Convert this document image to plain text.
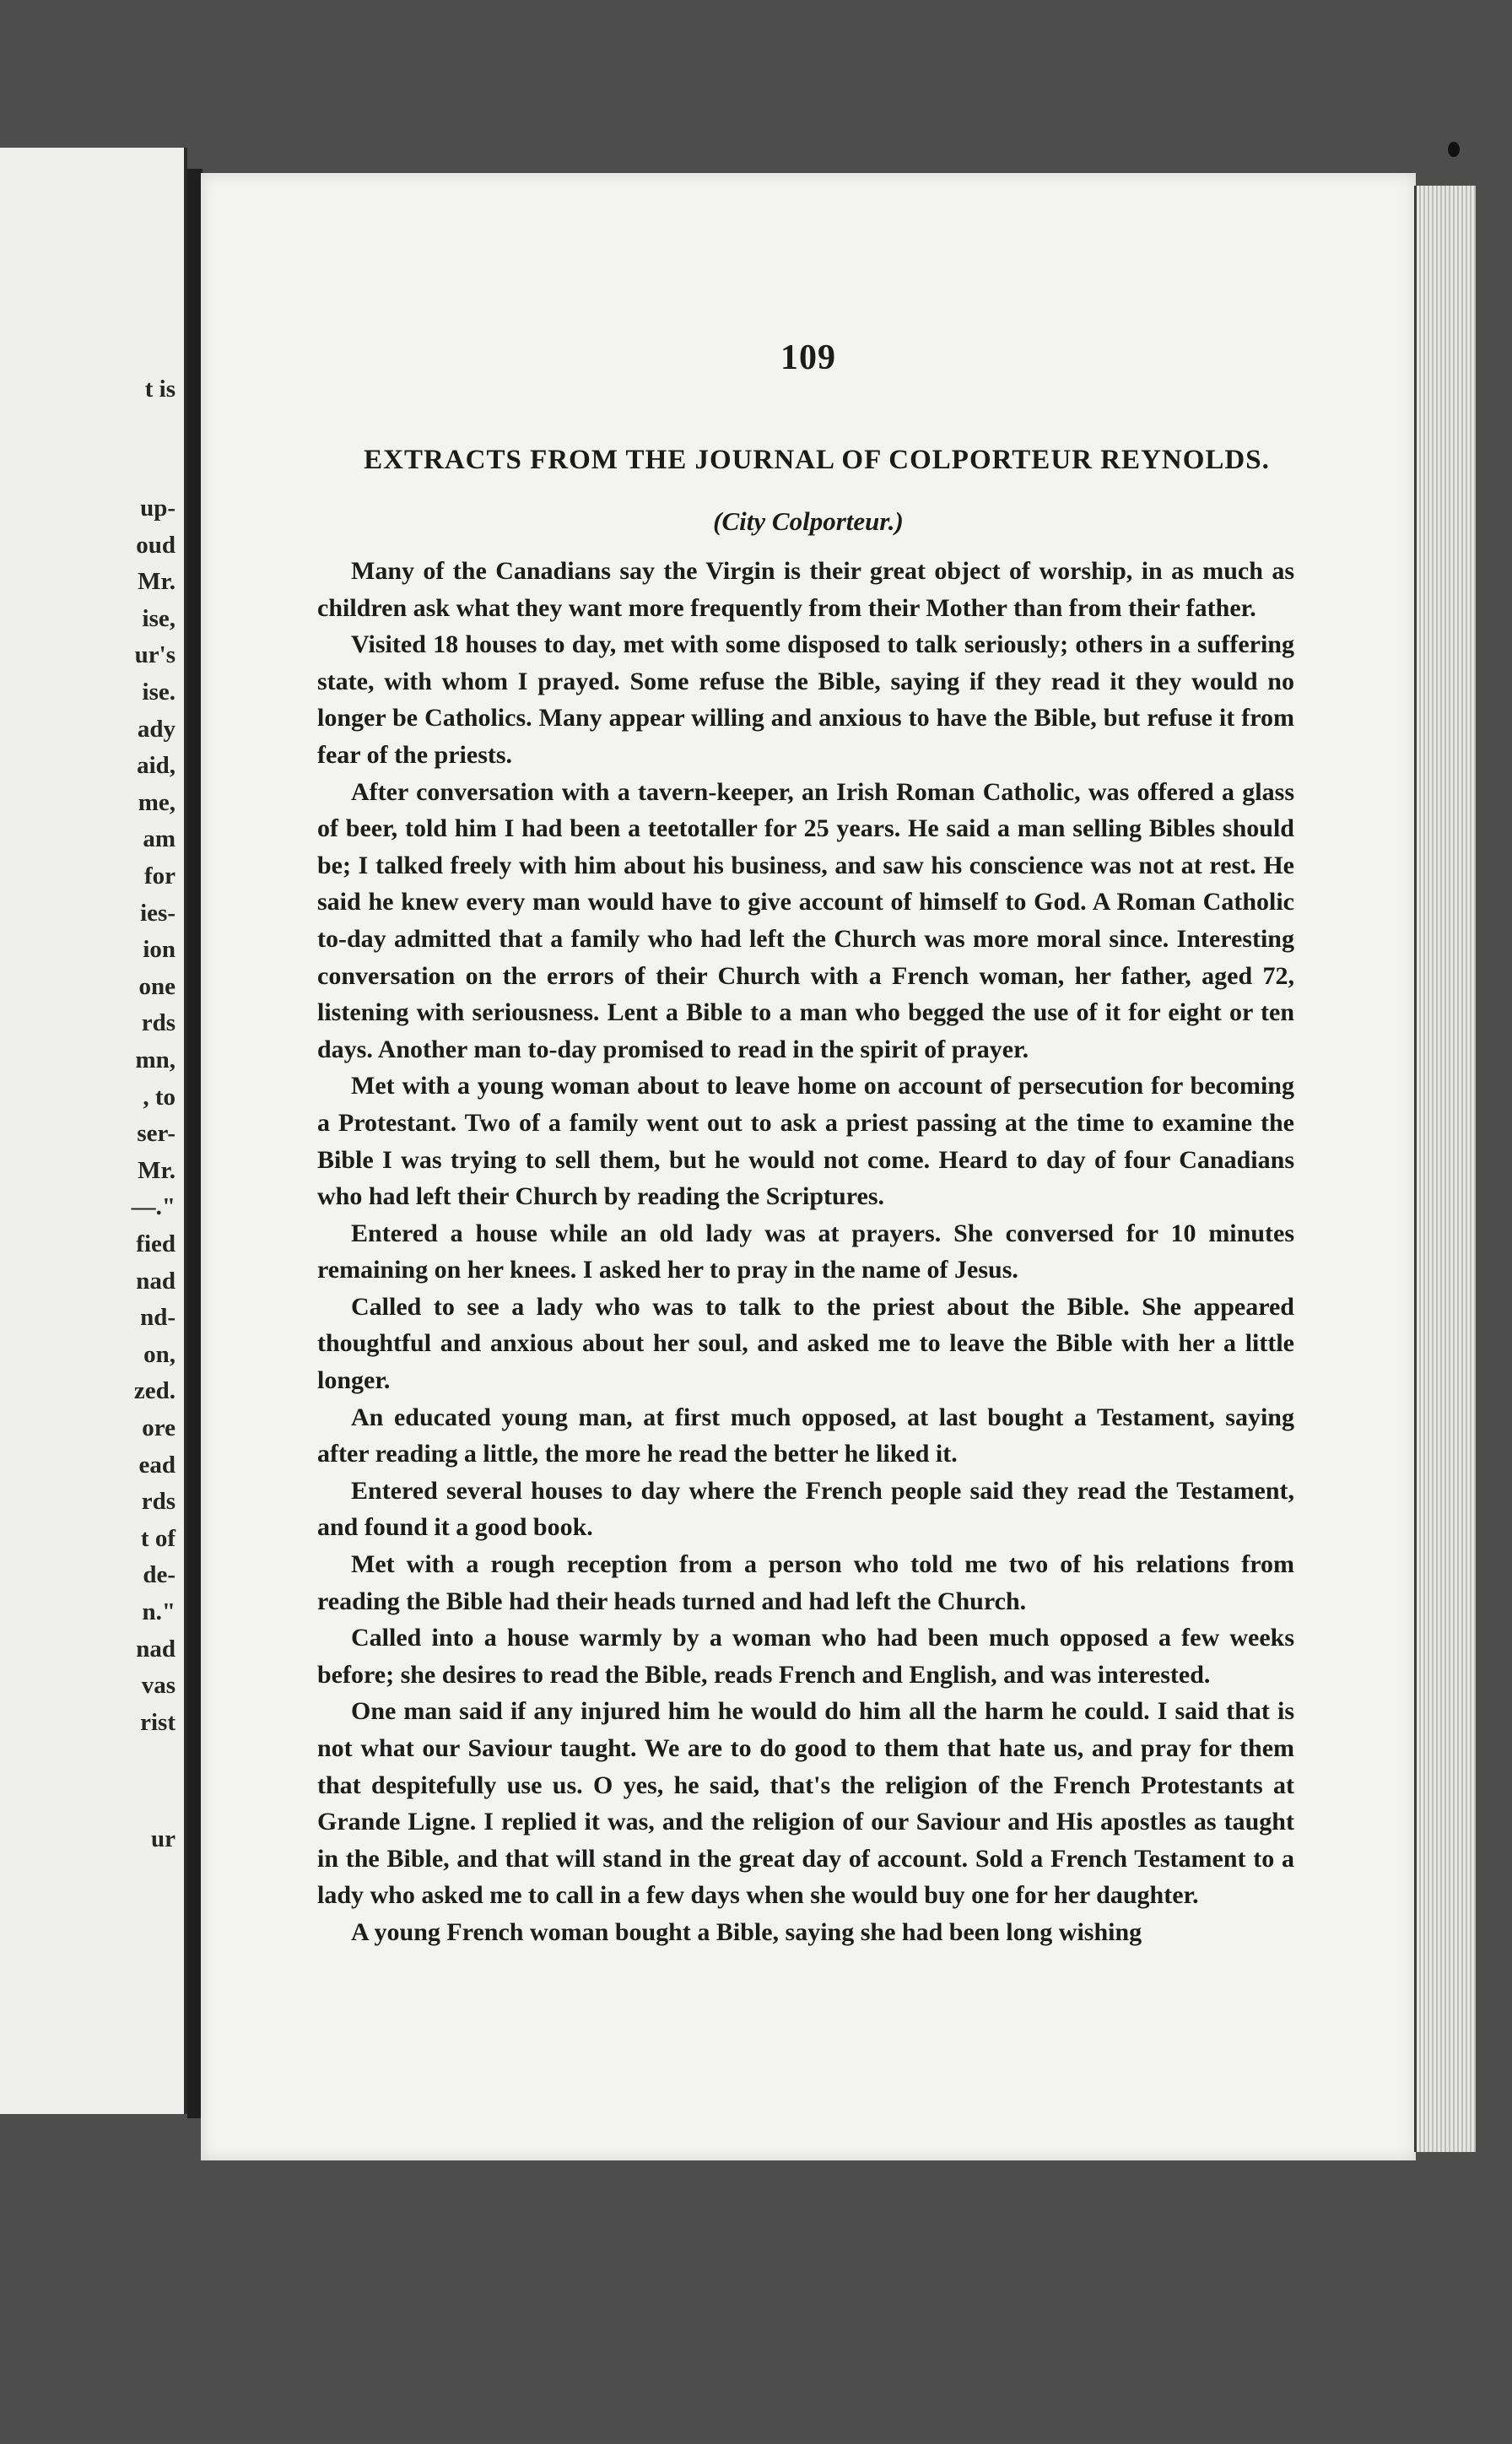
t is
up-
oud
Mr.
ise,
ur's
ise.
ady
aid,
me,
am
for
ies-
ion
one
rds
mn,
, to
ser-
Mr.
—."
fied
nad
nd-
on,
zed.
ore
ead
rds
t of
de-
n."
nad
vas
rist
ur
109
EXTRACTS FROM THE JOURNAL OF COLPORTEUR REYNOLDS.
(City Colporteur.)

Many of the Canadians say the Virgin is their great object of worship, in as much as children ask what they want more frequently from their Mother than from their father.

Visited 18 houses to day, met with some disposed to talk seriously; others in a suffering state, with whom I prayed. Some refuse the Bible, saying if they read it they would no longer be Catholics. Many appear willing and anxious to have the Bible, but refuse it from fear of the priests.

After conversation with a tavern-keeper, an Irish Roman Catholic, was offered a glass of beer, told him I had been a teetotaller for 25 years. He said a man selling Bibles should be; I talked freely with him about his business, and saw his conscience was not at rest. He said he knew every man would have to give account of himself to God. A Roman Catholic to-day admitted that a family who had left the Church was more moral since. Interesting conversation on the errors of their Church with a French woman, her father, aged 72, listening with seriousness. Lent a Bible to a man who begged the use of it for eight or ten days. Another man to-day promised to read in the spirit of prayer.

Met with a young woman about to leave home on account of persecution for becoming a Protestant. Two of a family went out to ask a priest passing at the time to examine the Bible I was trying to sell them, but he would not come. Heard to day of four Canadians who had left their Church by reading the Scriptures.

Entered a house while an old lady was at prayers. She conversed for 10 minutes remaining on her knees. I asked her to pray in the name of Jesus.

Called to see a lady who was to talk to the priest about the Bible. She appeared thoughtful and anxious about her soul, and asked me to leave the Bible with her a little longer.

An educated young man, at first much opposed, at last bought a Testament, saying after reading a little, the more he read the better he liked it.

Entered several houses to day where the French people said they read the Testament, and found it a good book.

Met with a rough reception from a person who told me two of his relations from reading the Bible had their heads turned and had left the Church.

Called into a house warmly by a woman who had been much opposed a few weeks before; she desires to read the Bible, reads French and English, and was interested.

One man said if any injured him he would do him all the harm he could. I said that is not what our Saviour taught. We are to do good to them that hate us, and pray for them that despitefully use us. O yes, he said, that's the religion of the French Protestants at Grande Ligne. I replied it was, and the religion of our Saviour and His apostles as taught in the Bible, and that will stand in the great day of account. Sold a French Testament to a lady who asked me to call in a few days when she would buy one for her daughter.

A young French woman bought a Bible, saying she had been long wishing
